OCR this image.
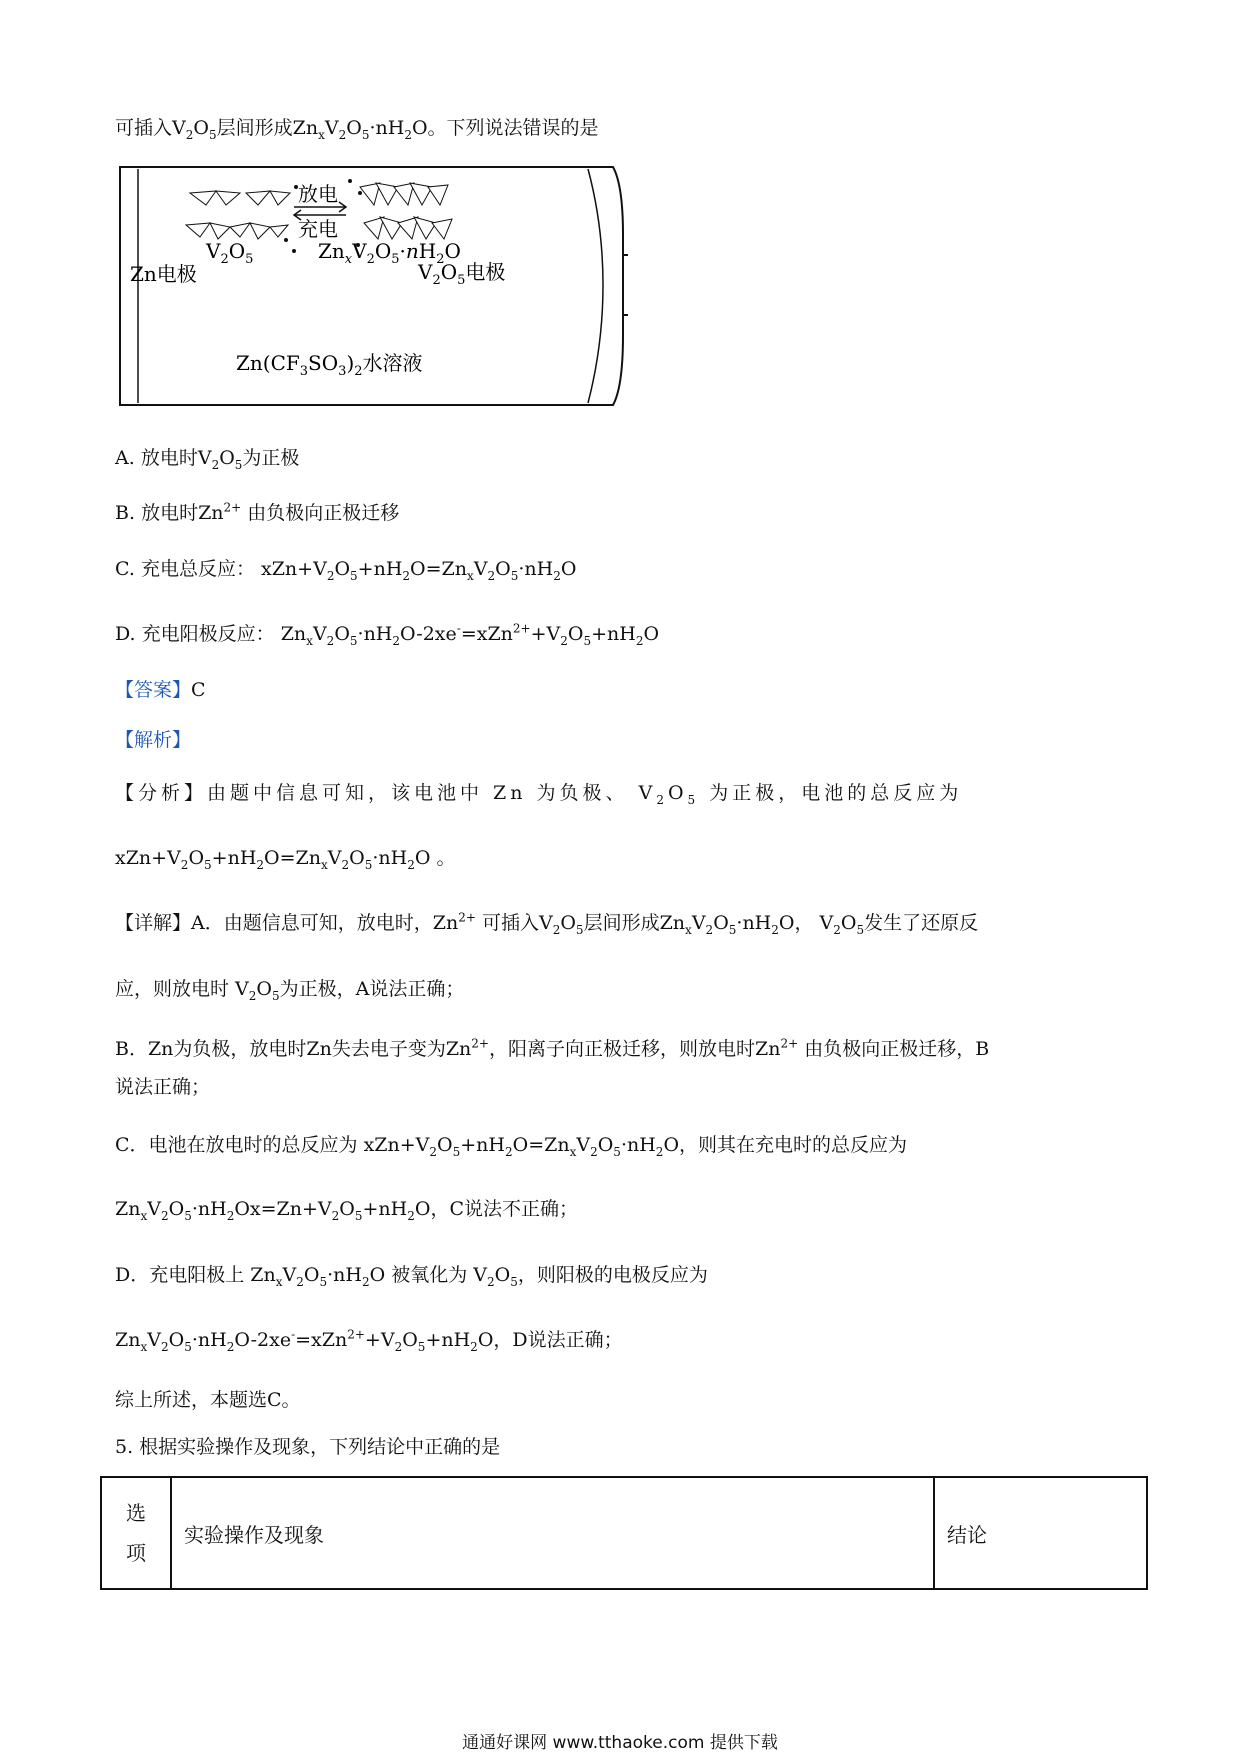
可插入$V_2O_5$层间形成$Zn_xV_2O_5\cdot nH_2O$。下列说法错误的是
放电
充电
$V_2O_5$	$Zn_xV_2O_5\cdot nH_2O$
Zn电极	$V_2O_5$电极
$Zn(CF_3SO_3)_2$水溶液
A. 放电时$V_2O_5$为正极
B. 放电时$Zn^{2+}$ 由负极向正极迁移
C. 充电总反应： $xZn+V_2O_5+nH_2O=Zn_xV_2O_5\cdot nH_2O$
D. 充电阳极反应： $Zn_xV_2O_5\cdot nH_2O-2xe^-=xZn^{2+}+V_2O_5+nH_2O$
【答案】C
【解析】
【分析】由题中信息可知，该电池中 Zn 为负极、 $V_2O_5$ 为正极，电池的总反应为
$xZn+V_2O_5+nH_2O=Zn_xV_2O_5\cdot nH_2O$ 。
【详解】A．由题信息可知，放电时，$Zn^{2+}$ 可插入$V_2O_5$层间形成$Zn_xV_2O_5\cdot nH_2O$， $V_2O_5$发生了还原反
应，则放电时 $V_2O_5$为正极，A说法正确；
B．Zn为负极，放电时Zn失去电子变为$Zn^{2+}$，阳离子向正极迁移，则放电时$Zn^{2+}$ 由负极向正极迁移，B
说法正确；
C．电池在放电时的总反应为 $xZn+V_2O_5+nH_2O=Zn_xV_2O_5\cdot nH_2O$，则其在充电时的总反应为
$Zn_xV_2O_5\cdot nH_2Ox=Zn+V_2O_5+nH_2O$，C说法不正确；
D．充电阳极上 $Zn_xV_2O_5\cdot nH_2O$ 被氧化为 $V_2O_5$，则阳极的电极反应为
$Zn_xV_2O_5\cdot nH_2O-2xe^-=xZn^{2+}+V_2O_5+nH_2O$，D说法正确；
综上所述，本题选C。
5. 根据实验操作及现象，下列结论中正确的是
选项	实验操作及现象	结论
通通好课网 www.tthaoke.com 提供下载
